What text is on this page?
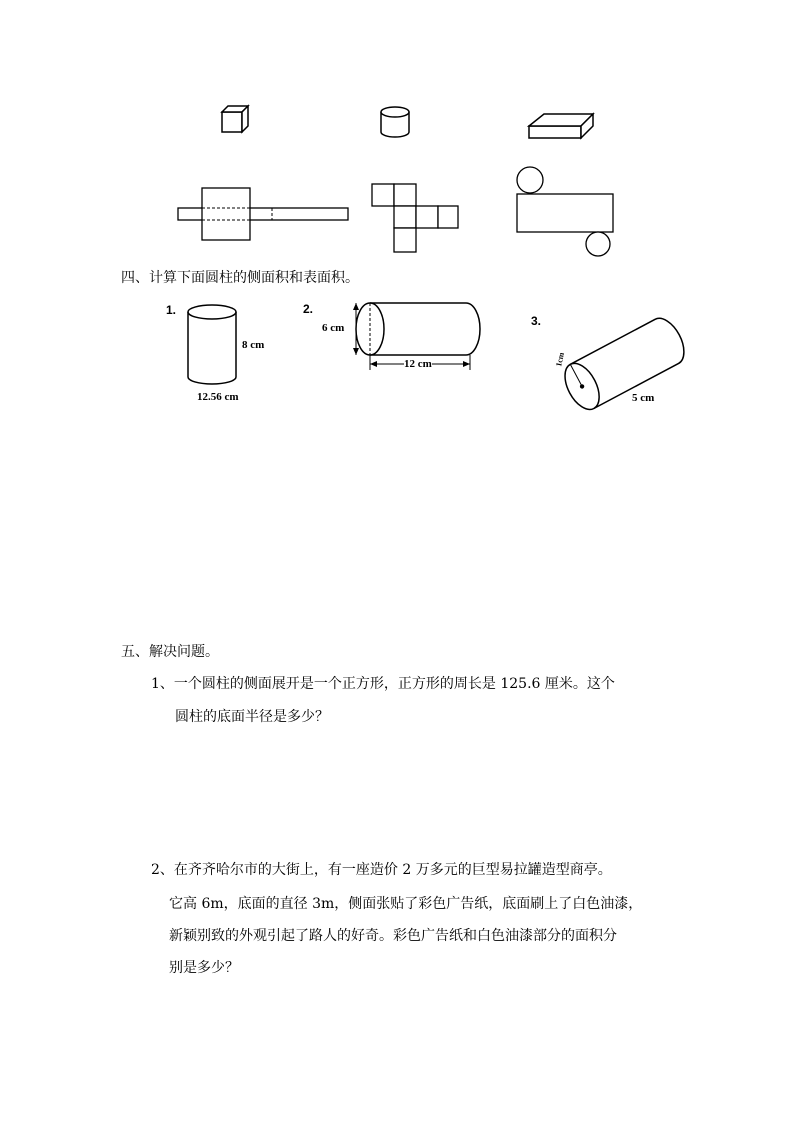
四、计算下面圆柱的侧面积和表面积。
1.
8 cm
12.56 cm
2.
6 cm
12 cm
3.
1cm
5 cm
五、解决问题。
1、一个圆柱的侧面展开是一个正方形，正方形的周长是 125.6 厘米。这个
圆柱的底面半径是多少？
2、在齐齐哈尔市的大街上，有一座造价 2 万多元的巨型易拉罐造型商亭。
它高 6m，底面的直径 3m，侧面张贴了彩色广告纸，底面刷上了白色油漆，
新颖别致的外观引起了路人的好奇。彩色广告纸和白色油漆部分的面积分
别是多少？
